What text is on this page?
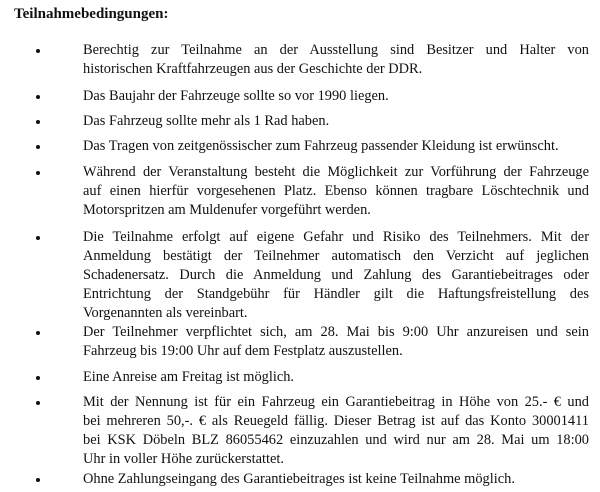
Teilnahmebedingungen:
Berechtig zur Teilnahme an der Ausstellung sind Besitzer und Halter von
historischen Kraftfahrzeugen aus der Geschichte der DDR.
Das Baujahr der Fahrzeuge sollte so vor 1990 liegen.
Das Fahrzeug sollte mehr als 1 Rad haben.
Das Tragen von zeitgenössischer zum Fahrzeug passender Kleidung ist erwünscht.
Während der Veranstaltung besteht die Möglichkeit zur Vorführung der Fahrzeuge
auf einen hierfür vorgesehenen Platz. Ebenso können tragbare Löschtechnik und
Motorspritzen am Muldenufer vorgeführt werden.
Die Teilnahme erfolgt auf eigene Gefahr und Risiko des Teilnehmers. Mit der
Anmeldung bestätigt der Teilnehmer automatisch den Verzicht auf jeglichen
Schadenersatz. Durch die Anmeldung und Zahlung des Garantiebeitrages oder
Entrichtung der Standgebühr für Händler gilt die Haftungsfreistellung des
Vorgenannten als vereinbart.
Der Teilnehmer verpflichtet sich, am 28. Mai bis 9:00 Uhr anzureisen und sein
Fahrzeug bis 19:00 Uhr auf dem Festplatz auszustellen.
Eine Anreise am Freitag ist möglich.
Mit der Nennung ist für ein Fahrzeug ein Garantiebeitrag in Höhe von 25.- € und
bei mehreren 50,-. € als Reuegeld fällig. Dieser Betrag ist auf das Konto 30001411
bei KSK Döbeln BLZ 86055462 einzuzahlen und wird nur am 28. Mai um 18:00
Uhr in voller Höhe zurückerstattet.
Ohne Zahlungseingang des Garantiebeitrages ist keine Teilnahme möglich.
